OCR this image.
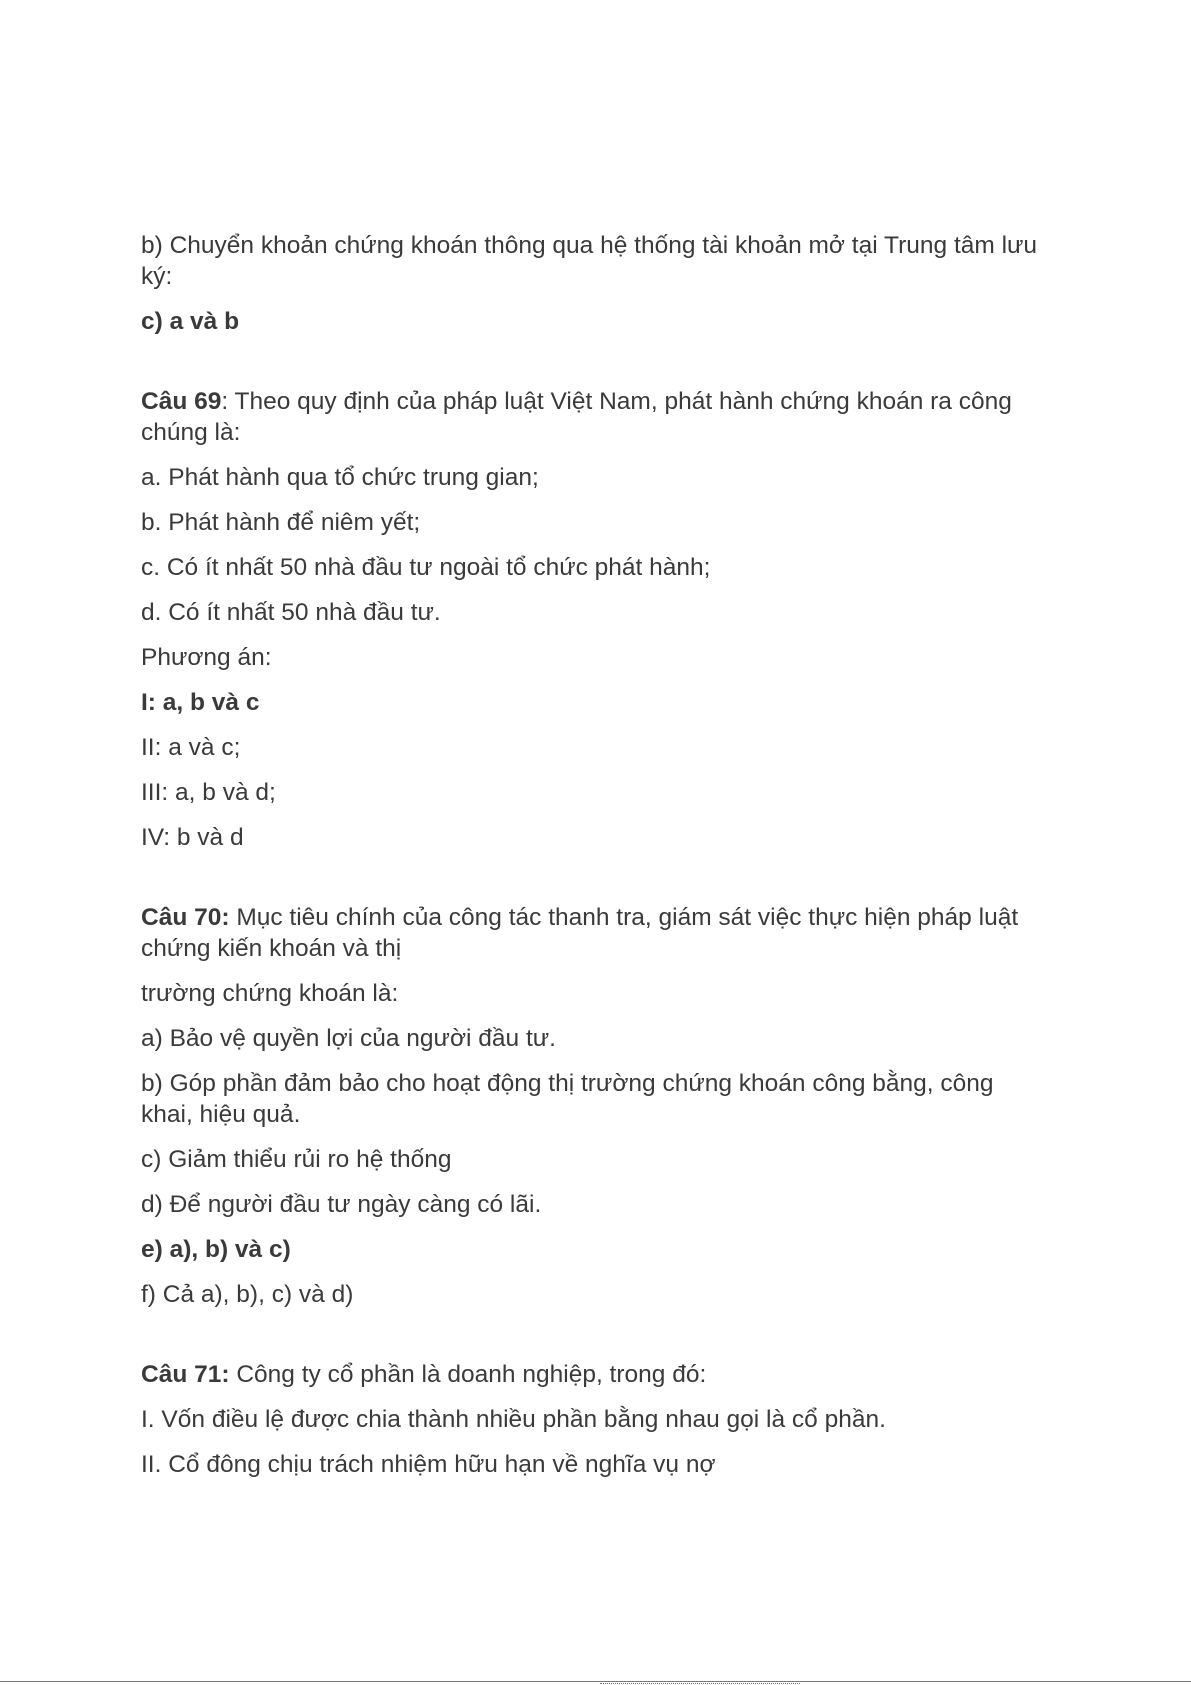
b) Chuyển khoản chứng khoán thông qua hệ thống tài khoản mở tại Trung tâm lưu ký:

c) a và b

Câu 69: Theo quy định của pháp luật Việt Nam, phát hành chứng khoán ra công chúng là:

a. Phát hành qua tổ chức trung gian;

b. Phát hành để niêm yết;

c. Có ít nhất 50 nhà đầu tư ngoài tổ chức phát hành;

d. Có ít nhất 50 nhà đầu tư.

Phương án:

I: a, b và c

II: a và c;

III: a, b và d;

IV: b và d

Câu 70: Mục tiêu chính của công tác thanh tra, giám sát việc thực hiện pháp luật chứng kiến khoán và thị

trường chứng khoán là:

a) Bảo vệ quyền lợi của người đầu tư.

b) Góp phần đảm bảo cho hoạt động thị trường chứng khoán công bằng, công khai, hiệu quả.

c) Giảm thiểu rủi ro hệ thống

d) Để người đầu tư ngày càng có lãi.

e) a), b) và c)

f) Cả a), b), c) và d)

Câu 71: Công ty cổ phần là doanh nghiệp, trong đó:

I. Vốn điều lệ được chia thành nhiều phần bằng nhau gọi là cổ phần.

II. Cổ đông chịu trách nhiệm hữu hạn về nghĩa vụ nợ
